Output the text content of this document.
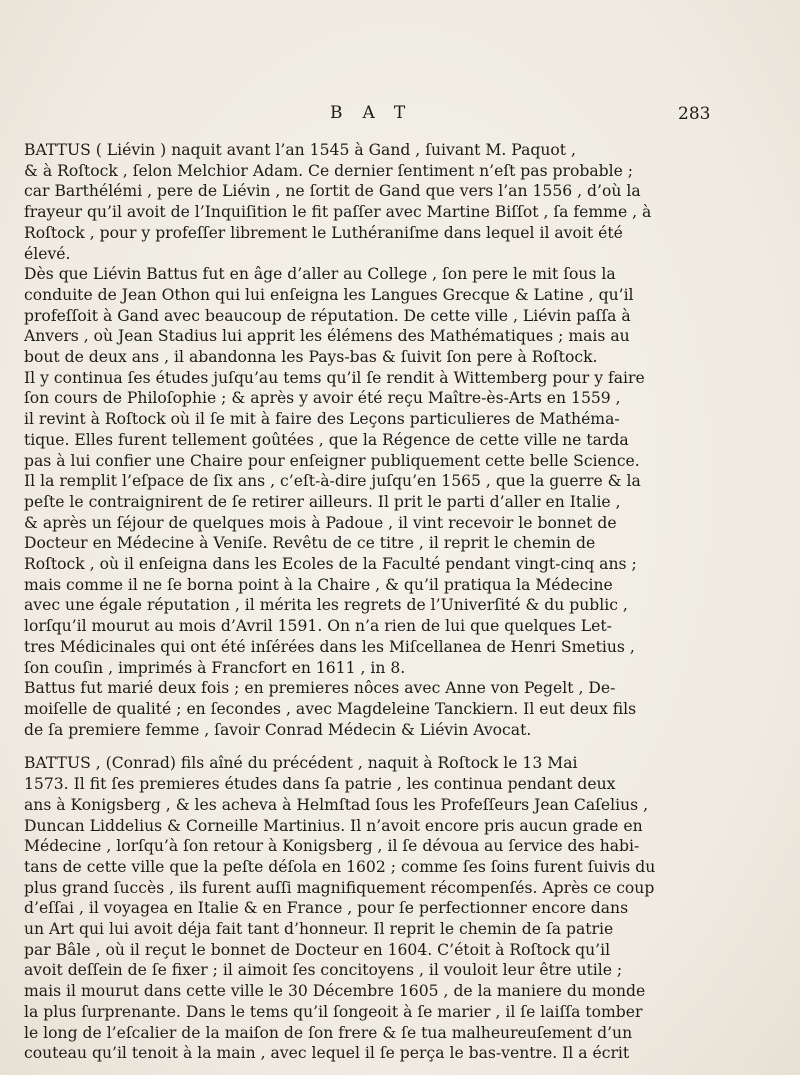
BAT	283
BATTUS ( Liévin ) naquit avant l’an 1545 à Gand , ſuivant M. Paquot ,
& à Roſtock , ſelon Melchior Adam. Ce dernier ſentiment n’eſt pas probable ;
car Barthélémi , pere de Liévin , ne ſortit de Gand que vers l’an 1556 , d’où la
frayeur qu’il avoit de l’Inquiſition le fit paſſer avec Martine Biſſot , ſa femme , à
Roſtock , pour y profeſſer librement le Luthéraniſme dans lequel il avoit été
élevé.
Dès que Liévin Battus fut en âge d’aller au College , ſon pere le mit ſous la
conduite de Jean Othon qui lui enſeigna les Langues Grecque & Latine , qu’il
profeſſoit à Gand avec beaucoup de réputation. De cette ville , Liévin paſſa à
Anvers , où Jean Stadius lui apprit les élémens des Mathématiques ; mais au
bout de deux ans , il abandonna les Pays-bas & ſuivit ſon pere à Roſtock.
Il y continua ſes études juſqu’au tems qu’il ſe rendit à Wittemberg pour y faire
ſon cours de Philoſophie ; & après y avoir été reçu Maître-ès-Arts en 1559 ,
il revint à Roſtock où il ſe mit à faire des Leçons particulieres de Mathéma-
tique. Elles furent tellement goûtées , que la Régence de cette ville ne tarda
pas à lui confier une Chaire pour enſeigner publiquement cette belle Science.
Il la remplit l’eſpace de ſix ans , c’eſt-à-dire juſqu’en 1565 , que la guerre & la
peſte le contraignirent de ſe retirer ailleurs. Il prit le parti d’aller en Italie ,
& après un ſéjour de quelques mois à Padoue , il vint recevoir le bonnet de
Docteur en Médecine à Veniſe. Revêtu de ce titre , il reprit le chemin de
Roſtock , où il enſeigna dans les Ecoles de la Faculté pendant vingt-cinq ans ;
mais comme il ne ſe borna point à la Chaire , & qu’il pratiqua la Médecine
avec une égale réputation , il mérita les regrets de l’Univerſité & du public ,
lorſqu’il mourut au mois d’Avril 1591. On n’a rien de lui que quelques Let-
tres Médicinales qui ont été inſérées dans les Miſcellanea de Henri Smetius ,
ſon couſin , imprimés à Francfort en 1611 , in 8.
Battus fut marié deux fois ; en premieres nôces avec Anne von Pegelt , De-
moiſelle de qualité ; en ſecondes , avec Magdeleine Tanckiern. Il eut deux fils
de ſa premiere femme , ſavoir Conrad Médecin & Liévin Avocat.
BATTUS , (Conrad) fils aîné du précédent , naquit à Roſtock le 13 Mai
1573. Il fit ſes premieres études dans ſa patrie , les continua pendant deux
ans à Konigsberg , & les acheva à Helmſtad ſous les Profeſſeurs Jean Caſelius ,
Duncan Liddelius & Corneille Martinius. Il n’avoit encore pris aucun grade en
Médecine , lorſqu’à ſon retour à Konigsberg , il ſe dévoua au ſervice des habi-
tans de cette ville que la peſte déſola en 1602 ; comme ſes ſoins furent ſuivis du
plus grand ſuccès , ils furent auſſi magnifiquement récompenſés. Après ce coup
d’eſſai , il voyagea en Italie & en France , pour ſe perfectionner encore dans
un Art qui lui avoit déja fait tant d’honneur. Il reprit le chemin de ſa patrie
par Bâle , où il reçut le bonnet de Docteur en 1604. C’étoit à Roſtock qu’il
avoit deſſein de ſe fixer ; il aimoit ſes concitoyens , il vouloit leur être utile ;
mais il mourut dans cette ville le 30 Décembre 1605 , de la maniere du monde
la plus ſurprenante. Dans le tems qu’il ſongeoit à ſe marier , il ſe laiſſa tomber
le long de l’eſcalier de la maiſon de ſon frere & ſe tua malheureuſement d’un
couteau qu’il tenoit à la main , avec lequel il ſe perça le bas-ventre. Il a écrit
